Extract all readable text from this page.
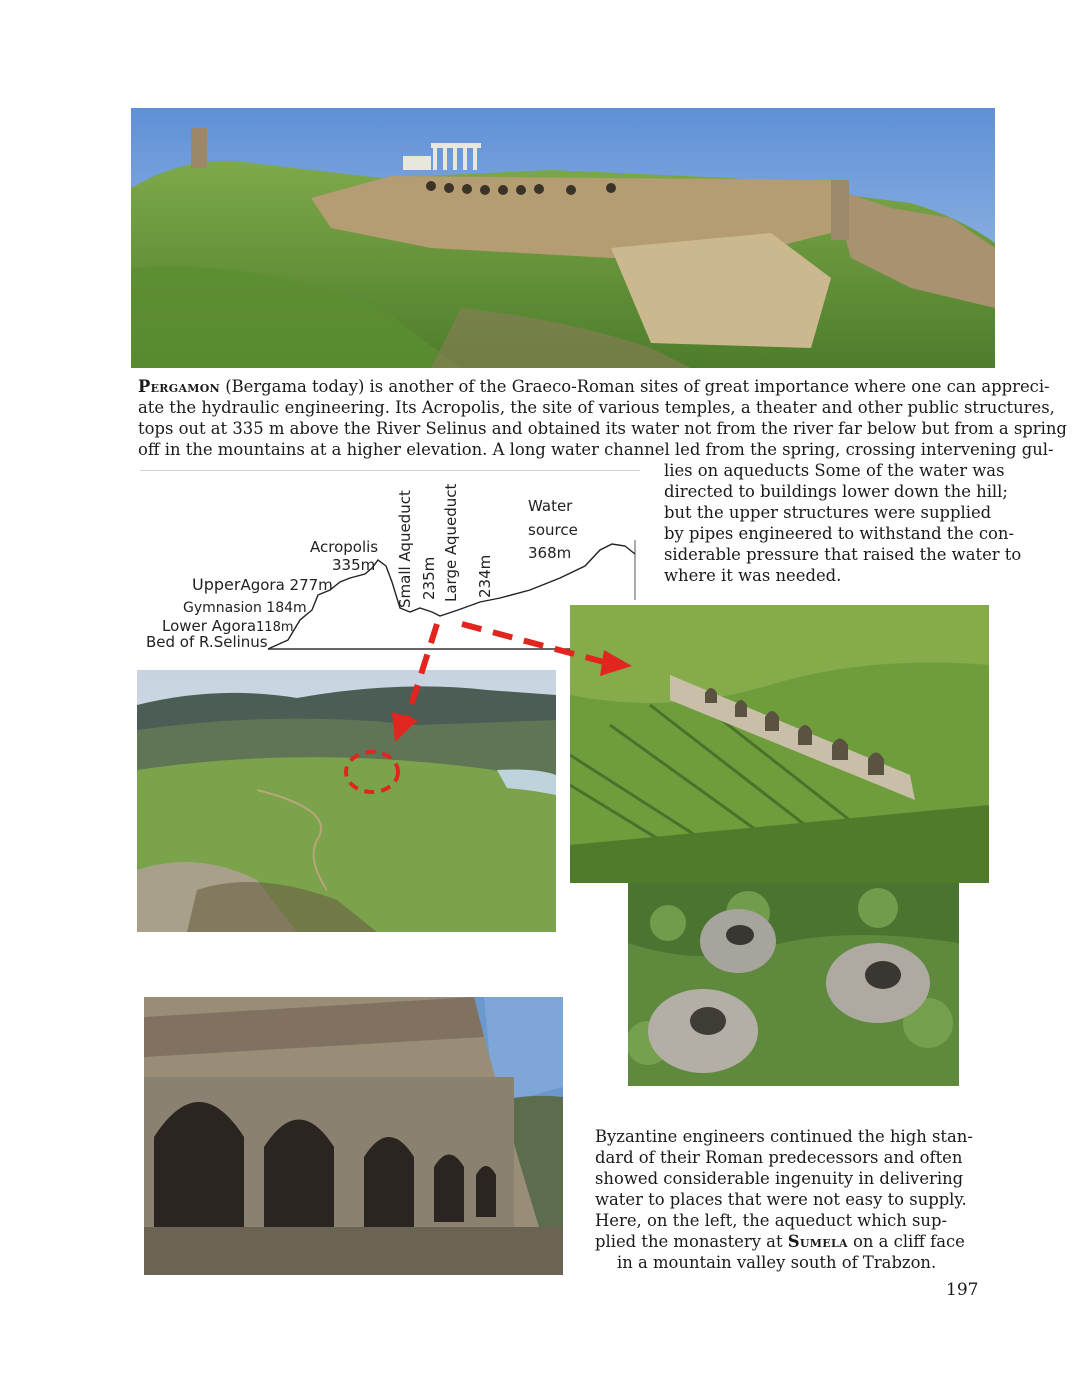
Pergamon (Bergama today) is another of the Graeco-Roman sites of great importance where one can appreci-
ate the hydraulic engineering. Its Acropolis, the site of various temples, a theater and other public structures,
tops out at 335 m above the River Selinus and obtained its water not from the river far below but from a spring
off in the mountains at a higher elevation. A long water channel led from the spring, crossing intervening gul-
lies on aqueducts Some of the water was
directed to buildings lower down the hill;
but the upper structures were supplied
by pipes engineered to withstand the con-
siderable pressure that raised the water to
where it was needed.
Acropolis
335m
UpperAgora 277m
Gymnasion 184m
Lower Agora118m
Bed of R.Selinus
Water
source
368m
Small Aqueduct 235m Large Aqueduct 234m
Byzantine engineers continued the high stan-
dard of their Roman predecessors and often
showed considerable ingenuity in delivering
water to places that were not easy to supply.
Here, on the left, the aqueduct which sup-
plied the monastery at Sumela on a cliff face
in a mountain valley south of Trabzon.
197
